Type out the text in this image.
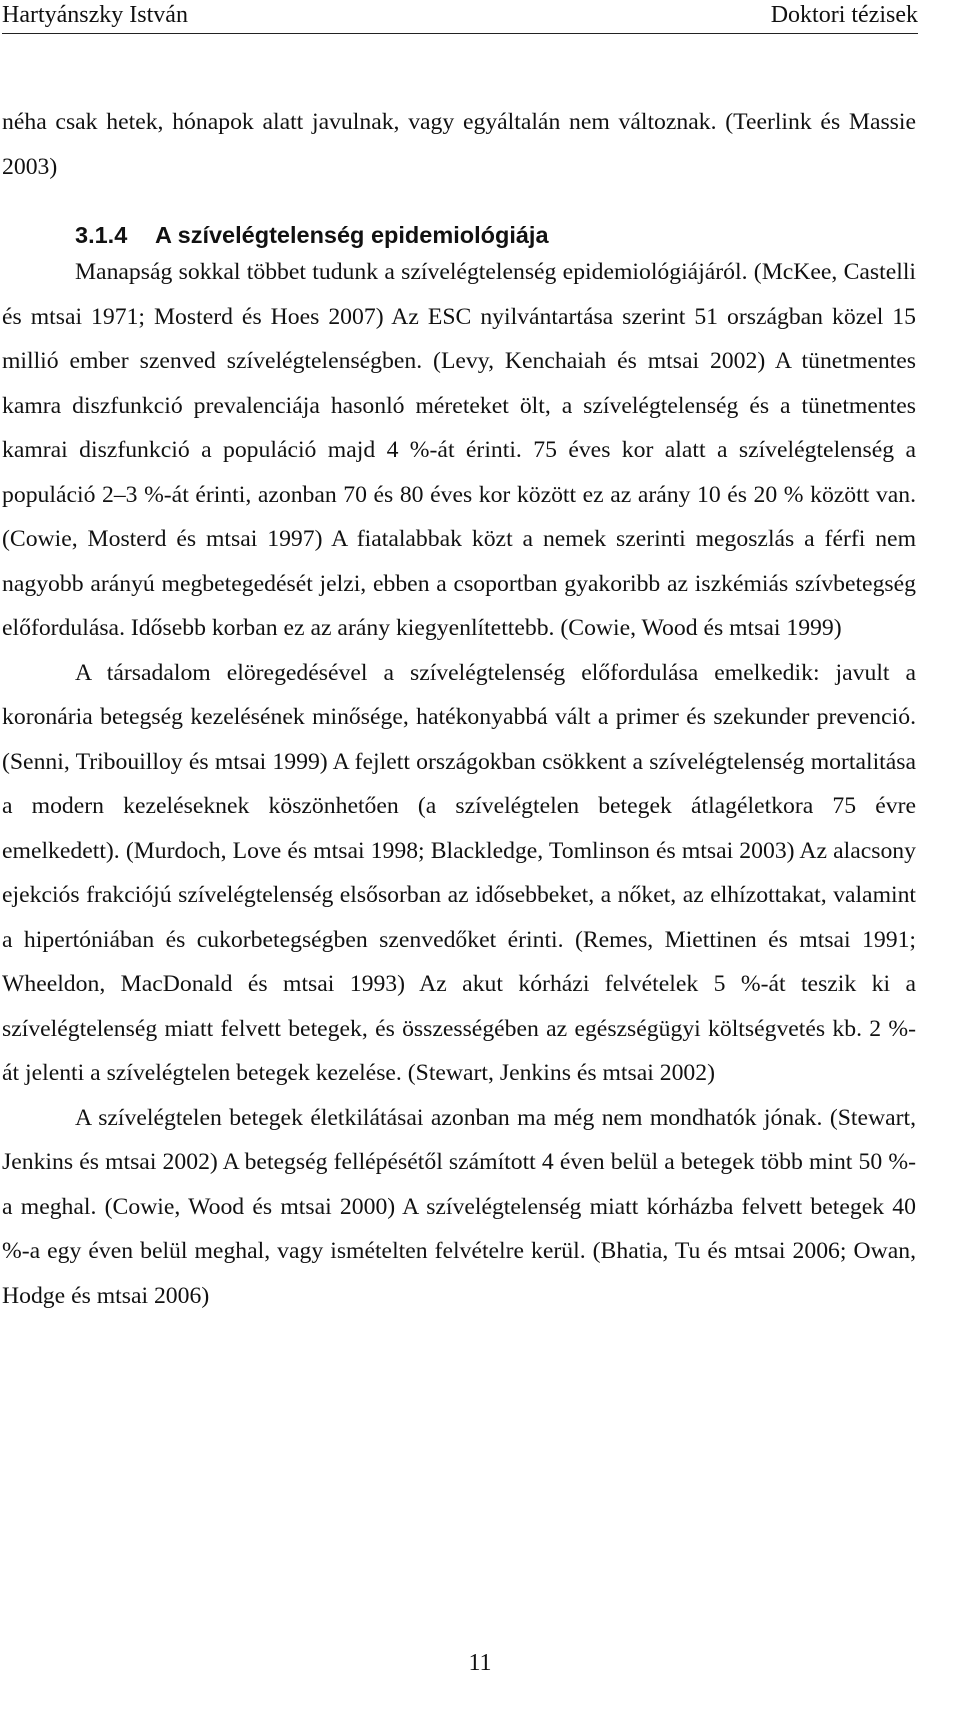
Hartyánszky István	Doktori tézisek

néha csak hetek, hónapok alatt javulnak, vagy egyáltalán nem változnak. (Teerlink és Massie 2003)

3.1.4 A szívelégtelenség epidemiológiája

Manapság sokkal többet tudunk a szívelégtelenség epidemiológiájáról. (McKee, Castelli és mtsai 1971; Mosterd és Hoes 2007) Az ESC nyilvántartása szerint 51 országban közel 15 millió ember szenved szívelégtelenségben. (Levy, Kenchaiah és mtsai 2002) A tünetmentes kamra diszfunkció prevalenciája hasonló méreteket ölt, a szívelégtelenség és a tünetmentes kamrai diszfunkció a populáció majd 4 %-át érinti. 75 éves kor alatt a szívelégtelenség a populáció 2–3 %-át érinti, azonban 70 és 80 éves kor között ez az arány 10 és 20 % között van. (Cowie, Mosterd és mtsai 1997) A fiatalabbak közt a nemek szerinti megoszlás a férfi nem nagyobb arányú megbetegedését jelzi, ebben a csoportban gyakoribb az iszkémiás szívbetegség előfordulása. Idősebb korban ez az arány kiegyenlítettebb. (Cowie, Wood és mtsai 1999)

A társadalom elöregedésével a szívelégtelenség előfordulása emelkedik: javult a koronária betegség kezelésének minősége, hatékonyabbá vált a primer és szekunder prevenció. (Senni, Tribouilloy és mtsai 1999) A fejlett országokban csökkent a szívelégtelenség mortalitása a modern kezeléseknek köszönhetően (a szívelégtelen betegek átlagéletkora 75 évre emelkedett). (Murdoch, Love és mtsai 1998; Blackledge, Tomlinson és mtsai 2003) Az alacsony ejekciós frakciójú szívelégtelenség elsősorban az idősebbeket, a nőket, az elhízottakat, valamint a hipertóniában és cukorbetegségben szenvedőket érinti. (Remes, Miettinen és mtsai 1991; Wheeldon, MacDonald és mtsai 1993) Az akut kórházi felvételek 5 %-át teszik ki a szívelégtelenség miatt felvett betegek, és összességében az egészségügyi költségvetés kb. 2 %-át jelenti a szívelégtelen betegek kezelése. (Stewart, Jenkins és mtsai 2002)

A szívelégtelen betegek életkilátásai azonban ma még nem mondhatók jónak. (Stewart, Jenkins és mtsai 2002) A betegség fellépésétől számított 4 éven belül a betegek több mint 50 %-a meghal. (Cowie, Wood és mtsai 2000) A szívelégtelenség miatt kórházba felvett betegek 40 %-a egy éven belül meghal, vagy ismételten felvételre kerül. (Bhatia, Tu és mtsai 2006; Owan, Hodge és mtsai 2006)

11
